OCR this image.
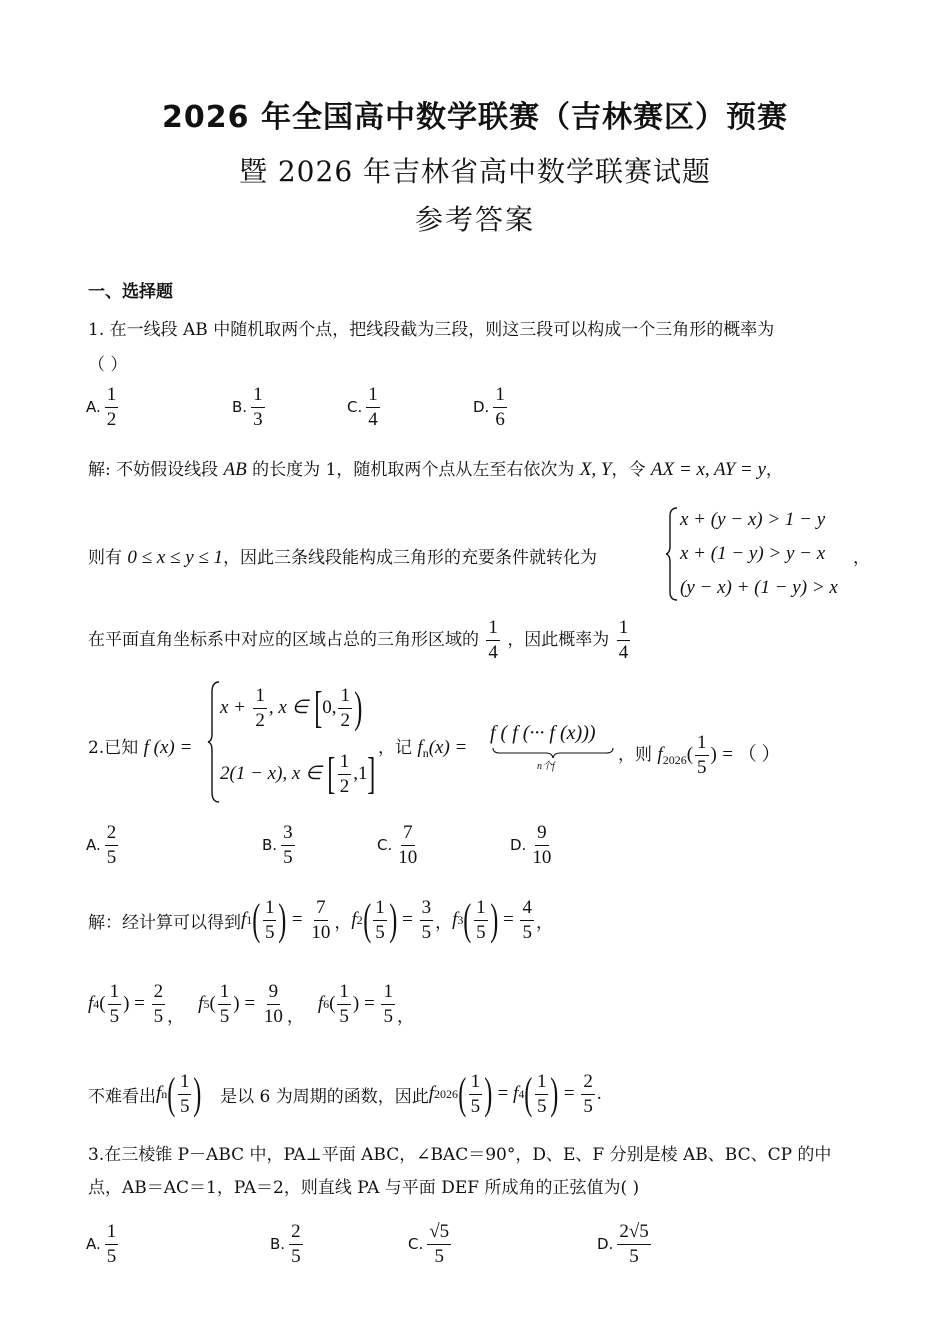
2026 年全国高中数学联赛（吉林赛区）预赛
暨 2026 年吉林省高中数学联赛试题
参考答案
一、选择题
1. 在一线段 AB 中随机取两个点，把线段截为三段，则这三段可以构成一个三角形的概率为
（ ）
A. $\frac{1}{2}$	B. $\frac{1}{3}$	C. $\frac{1}{4}$	D. $\frac{1}{6}$
解: 不妨假设线段 AB 的长度为 1，随机取两个点从左至右依次为 X, Y，令 AX = x, AY = y，
则有 0 ≤ x ≤ y ≤ 1，因此三条线段能构成三角形的充要条件就转化为
x + (y − x) > 1 − y
x + (1 − y) > y − x
(y − x) + (1 − y) > x
，
在平面直角坐标系中对应的区域占总的三角形区域的 $\frac{1}{4}$ ，因此概率为 $\frac{1}{4}$
2.已知 f (x) =
$x + \frac{1}{2}$ , x ∈ [0, $\frac{1}{2}$ )
2(1 − x), x ∈ [ $\frac{1}{2} ,1$]
，记 $f_n(x)$ =
f ( f (··· f (x)))
n个f
，则 $f_{2026}( \frac{1}{5}$ ) = （ ）
A. $\frac{2}{5}$	B. $\frac{3}{5}$	C. $\frac{7}{10}$	D. $\frac{9}{10}$
解：经计算可以得到 f 1 ( $\frac{1}{5}$ ) = $\frac{7}{10}$ ， f 2 ( $\frac{1}{5}$ ) = $\frac{3}{5}$ ， f 3 ( $\frac{1}{5}$ ) = $\frac{4}{5}$ ，
f 4 ( $\frac{1}{5}$ ) = $\frac{2}{5}$ ，
f 5 ( $\frac{1}{5}$ ) = $\frac{9}{10}$ ，
f 6 ( $\frac{1}{5}$ ) = $\frac{1}{5}$ ，
不难看出 f n ( $\frac{1}{5}$ ) 是以 6 为周期的函数，因此 f 2026 ( $\frac{1}{5}$ ) = f 4 ( $\frac{1}{5}$ ) = $\frac{2}{5}$ .
3.在三棱锥 P－ABC 中，PA⊥平面 ABC，∠BAC＝90°，D、E、F 分别是棱 AB、BC、CP 的中
点，AB＝AC＝1，PA＝2，则直线 PA 与平面 DEF 所成角的正弦值为( )
A. $\frac{1}{5}$	B. $\frac{2}{5}$	C. $\frac{√5}{5}$	D. $\frac{2√5}{5}$
